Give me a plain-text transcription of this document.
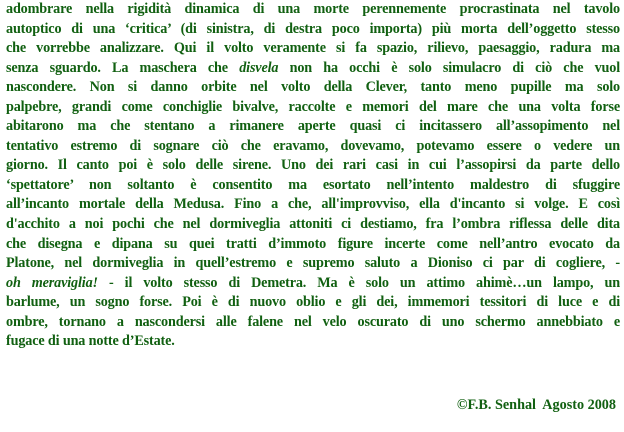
adombrare nella rigidità dinamica di una morte perennemente procrastinata nel tavolo
autoptico di una ‘critica’ (di sinistra, di destra poco importa) più morta dell’oggetto stesso
che vorrebbe analizzare. Qui il volto veramente si fa spazio, rilievo, paesaggio, radura ma
senza sguardo. La maschera che disvela non ha occhi è solo simulacro di ciò che vuol
nascondere. Non si danno orbite nel volto della Clever, tanto meno pupille ma solo
palpebre, grandi come conchiglie bivalve, raccolte e memori del mare che una volta forse
abitarono ma che stentano a rimanere aperte quasi ci incitassero all’assopimento nel
tentativo estremo di sognare ciò che eravamo, dovevamo, potevamo essere o vedere un
giorno. Il canto poi è solo delle sirene. Uno dei rari casi in cui l’assopirsi da parte dello
‘spettatore’ non soltanto è consentito ma esortato nell’intento maldestro di sfuggire
all’incanto mortale della Medusa. Fino a che, all'improvviso, ella d'incanto si volge. E così
d'acchito a noi pochi che nel dormiveglia attoniti ci destiamo, fra l’ombra riflessa delle dita
che disegna e dipana su quei tratti d’immoto figure incerte come nell’antro evocato da
Platone, nel dormiveglia in quell’estremo e supremo saluto a Dioniso ci par di cogliere, -
oh meraviglia! - il volto stesso di Demetra. Ma è solo un attimo ahimè…un lampo, un
barlume, un sogno forse. Poi è di nuovo oblio e gli dei, immemori tessitori di luce e di
ombre, tornano a nascondersi alle falene nel velo oscurato di uno schermo annebbiato e
fugace di una notte d’Estate.
©F.B. Senhal  Agosto 2008
